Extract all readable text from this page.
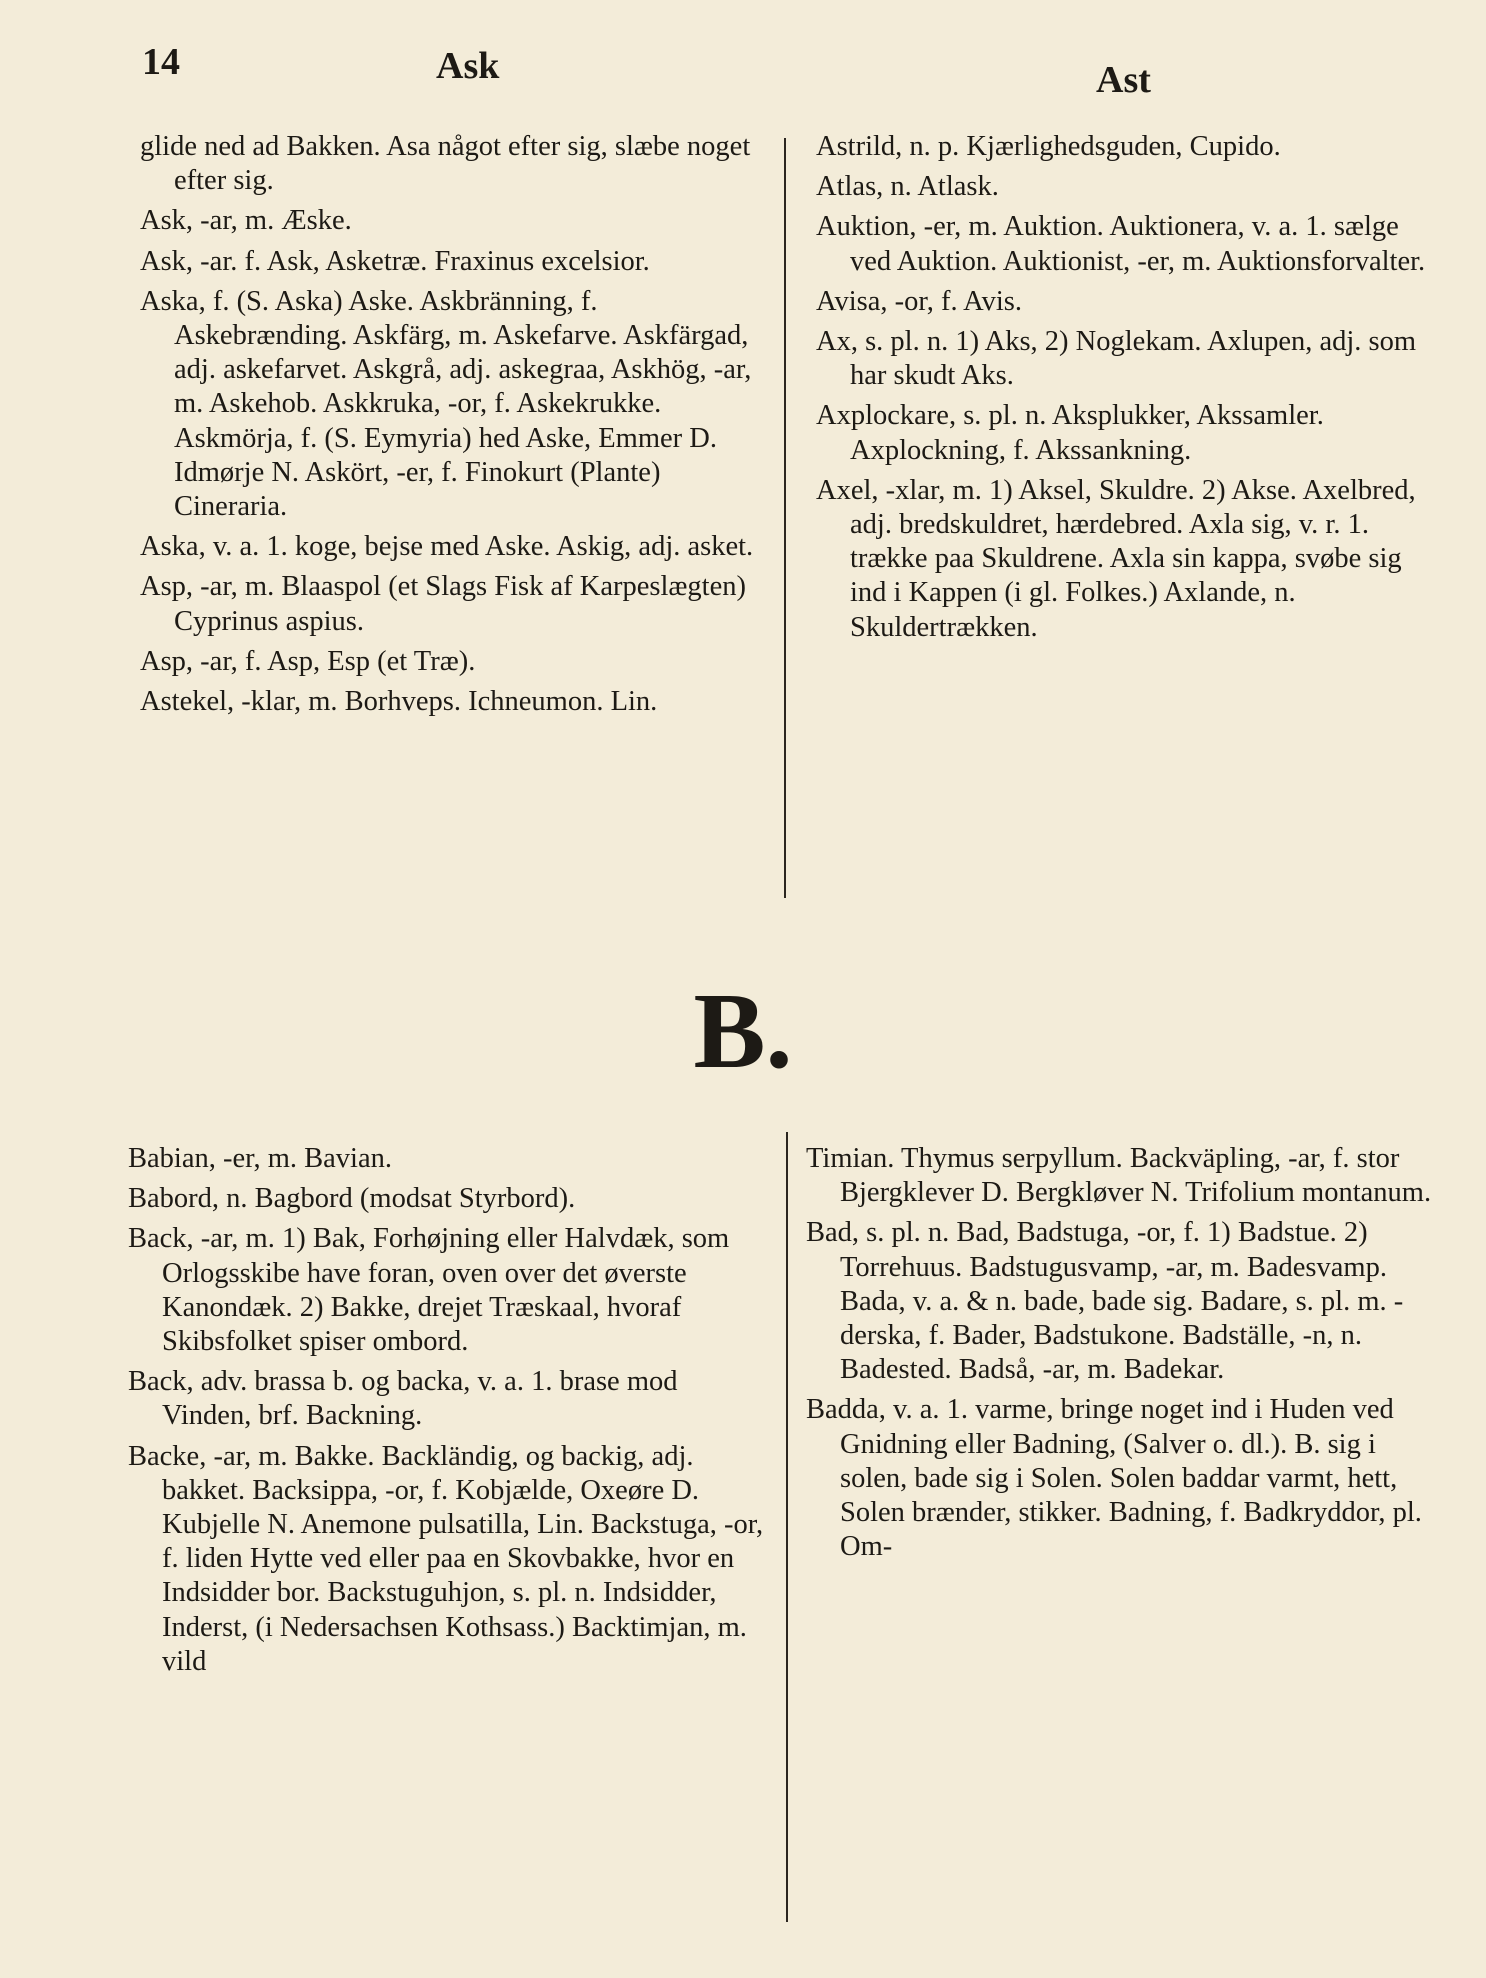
14	Ask	Ast
glide ned ad Bakken. Asa något efter sig, slæbe noget efter sig.
Ask, -ar, m. Æske.
Ask, -ar. f. Ask, Asketræ. Fraxinus excelsior.
Aska, f. (S. Aska) Aske. Askbränning, f. Askebrænding. Askfärg, m. Askefarve. Askfärgad, adj. askefarvet. Askgrå, adj. askegraa, Askhög, -ar, m. Askehob. Askkruka, -or, f. Askekrukke. Askmörja, f. (S. Eymyria) hed Aske, Emmer D. Idmørje N. Askört, -er, f. Finokurt (Plante) Cineraria.
Aska, v. a. 1. koge, bejse med Aske. Askig, adj. asket.
Asp, -ar, m. Blaaspol (et Slags Fisk af Karpeslægten) Cyprinus aspius.
Asp, -ar, f. Asp, Esp (et Træ).
Astekel, -klar, m. Borhveps. Ichneumon. Lin.
Astrild, n. p. Kjærlighedsguden, Cupido.
Atlas, n. Atlask.
Auktion, -er, m. Auktion. Auktionera, v. a. 1. sælge ved Auktion. Auktionist, -er, m. Auktionsforvalter.
Avisa, -or, f. Avis.
Ax, s. pl. n. 1) Aks, 2) Noglekam. Axlupen, adj. som har skudt Aks.
Axplockare, s. pl. n. Aksplukker, Akssamler. Axplockning, f. Akssankning.
Axel, -xlar, m. 1) Aksel, Skuldre. 2) Akse. Axelbred, adj. bredskuldret, hærdebred. Axla sig, v. r. 1. trække paa Skuldrene. Axla sin kappa, svøbe sig ind i Kappen (i gl. Folkes.) Axlande, n. Skuldertrækken.
B.
Babian, -er, m. Bavian.
Babord, n. Bagbord (modsat Styrbord).
Back, -ar, m. 1) Bak, Forhøjning eller Halvdæk, som Orlogsskibe have foran, oven over det øverste Kanondæk. 2) Bakke, drejet Træskaal, hvoraf Skibsfolket spiser ombord.
Back, adv. brassa b. og backa, v. a. 1. brase mod Vinden, brf. Backning.
Backe, -ar, m. Bakke. Backländig, og backig, adj. bakket. Backsippa, -or, f. Kobjælde, Oxeøre D. Kubjelle N. Anemone pulsatilla, Lin. Backstuga, -or, f. liden Hytte ved eller paa en Skovbakke, hvor en Indsidder bor. Backstuguhjon, s. pl. n. Indsidder, Inderst, (i Nedersachsen Kothsass.) Backtimjan, m. vild
Timian. Thymus serpyllum. Backväpling, -ar, f. stor Bjergklever D. Bergkløver N. Trifolium montanum.
Bad, s. pl. n. Bad, Badstuga, -or, f. 1) Badstue. 2) Torrehuus. Badstugusvamp, -ar, m. Badesvamp. Bada, v. a. & n. bade, bade sig. Badare, s. pl. m. -derska, f. Bader, Badstukone. Badställe, -n, n. Badested. Badså, -ar, m. Badekar.
Badda, v. a. 1. varme, bringe noget ind i Huden ved Gnidning eller Badning, (Salver o. dl.). B. sig i solen, bade sig i Solen. Solen baddar varmt, hett, Solen brænder, stikker. Badning, f. Badkryddor, pl. Om-
